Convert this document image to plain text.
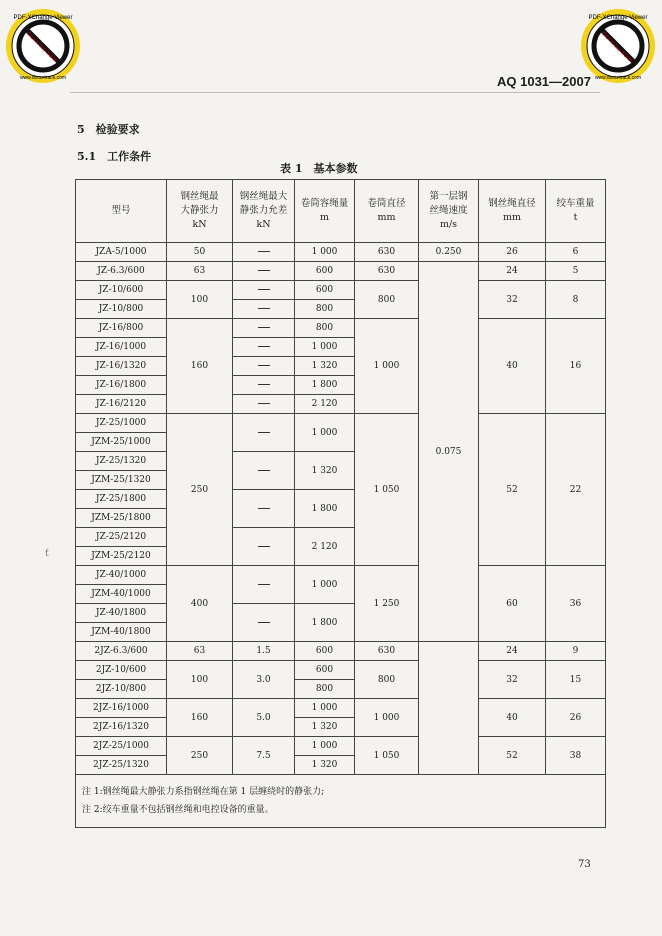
PDF-XChange Viewer
Click to buy NOW!
www.docu-track.com
PDF-XChange Viewer
Click to buy NOW!
www.docu-track.com
AQ 1031—2007
5　检验要求
5.1　工作条件
表 1　基本参数
ť
型号	钢丝绳最
大静张力
kN	钢丝绳最大
静张力允差
kN	卷筒容绳量
m	卷筒直径
mm	第一层钢
丝绳速度
m/s	钢丝绳直径
mm	绞车重量
t
JZA-5/1000	50		1 000	630	0.250	26	6
JZ-6.3/600	63		600	630	0.075	24	5
JZ-10/600	100		600	800		32	8
JZ-10/800			800				
JZ-16/800	160		800	1 000		40	16
JZ-16/1000			1 000				
JZ-16/1320			1 320				
JZ-16/1800			1 800				
JZ-16/2120			2 120				
JZ-25/1000	250		1 000	1 050		52	22
JZM-25/1000							
JZ-25/1320			1 320				
JZM-25/1320							
JZ-25/1800			1 800				
JZM-25/1800							
JZ-25/2120			2 120				
JZM-25/2120							
JZ-40/1000	400		1 000	1 250		60	36
JZM-40/1000							
JZ-40/1800			1 800				
JZM-40/1800							
2JZ-6.3/600	63	1.5	600	630		24	9
2JZ-10/600	100	3.0	600	800		32	15
2JZ-10/800			800				
2JZ-16/1000	160	5.0	1 000	1 000		40	26
2JZ-16/1320			1 320				
2JZ-25/1000	250	7.5	1 000	1 050		52	38
2JZ-25/1320			1 320				

注 1:钢丝绳最大静张力系指钢丝绳在第 1 层缠绕时的静张力;
注 2:绞车重量不包括钢丝绳和电控设备的重量。							
73
